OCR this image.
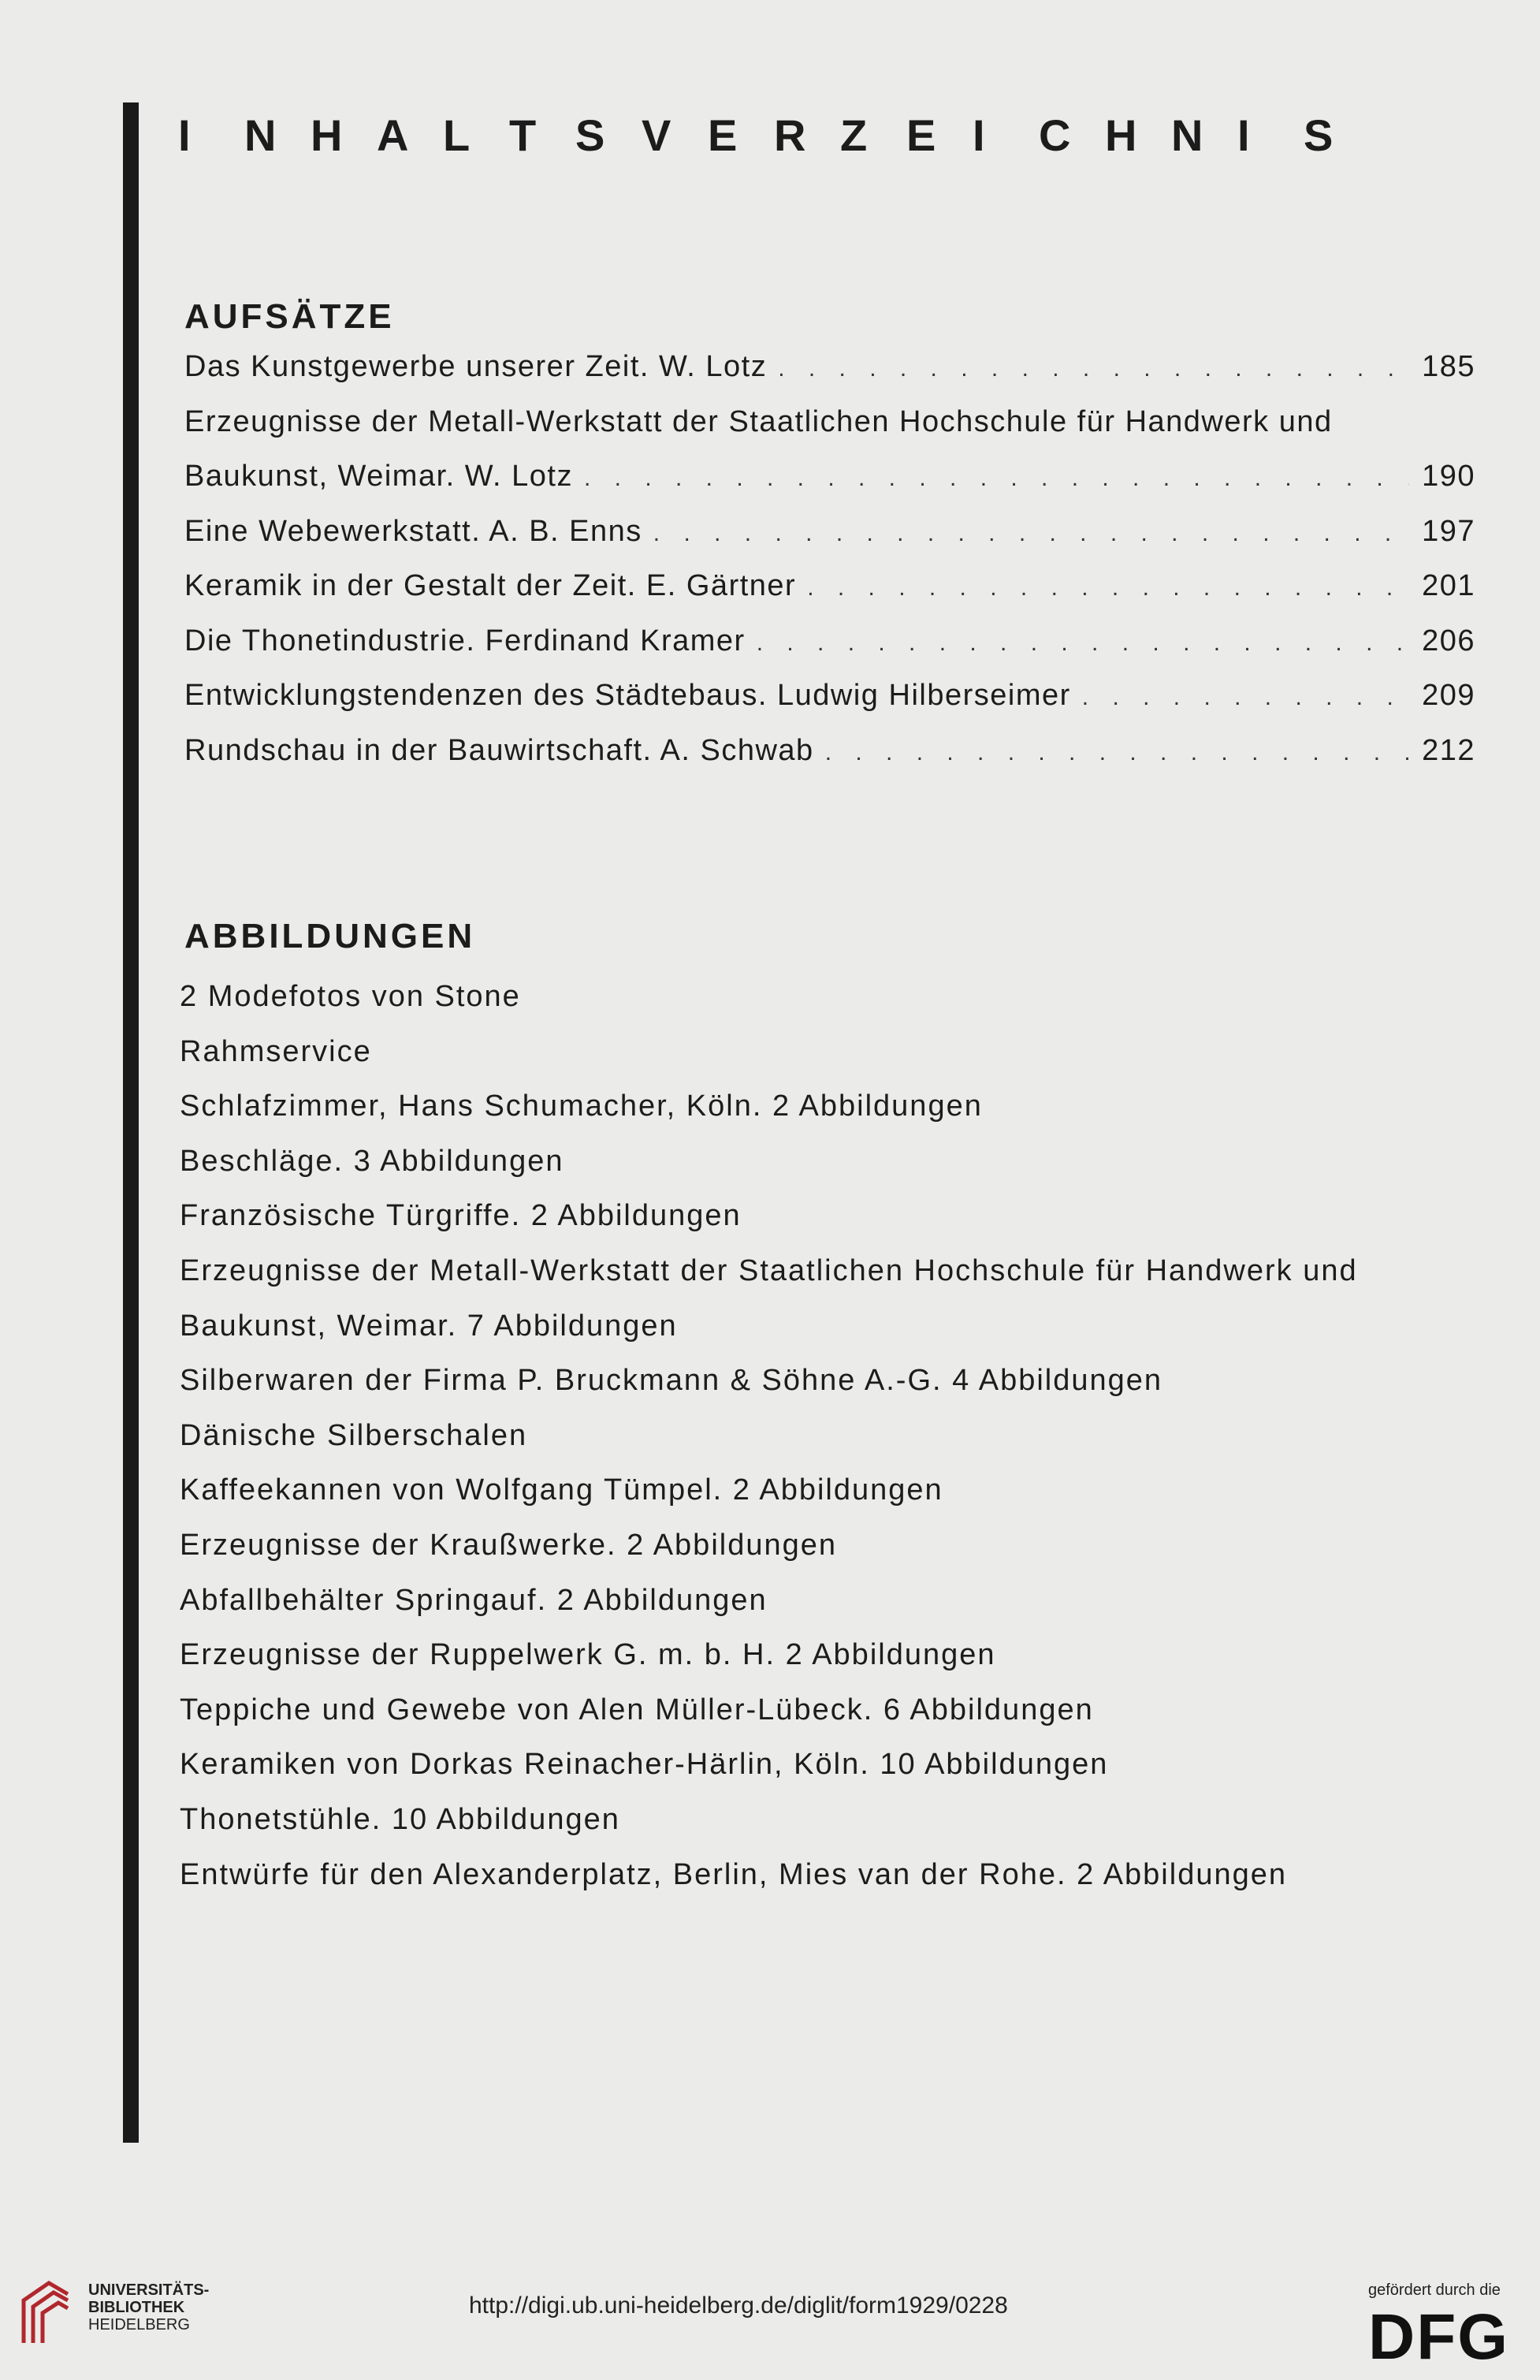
I N H A L T S V E R Z E I C H N I S
AUFSÄTZE
Das Kunstgewerbe unserer Zeit. W. Lotz . . .	185
Erzeugnisse der Metall-Werkstatt der Staatlichen Hochschule für Handwerk und
Baukunst, Weimar. W. Lotz . . .	190
Eine Webewerkstatt. A. B. Enns . . .	197
Keramik in der Gestalt der Zeit. E. Gärtner . . .	201
Die Thonetindustrie. Ferdinand Kramer . . .	206
Entwicklungstendenzen des Städtebaus. Ludwig Hilberseimer . . .	209
Rundschau in der Bauwirtschaft. A. Schwab . . .	212
ABBILDUNGEN
2 Modefotos von Stone
Rahmservice
Schlafzimmer, Hans Schumacher, Köln. 2 Abbildungen
Beschläge. 3 Abbildungen
Französische Türgriffe. 2 Abbildungen
Erzeugnisse der Metall-Werkstatt der Staatlichen Hochschule für Handwerk und
Baukunst, Weimar. 7 Abbildungen
Silberwaren der Firma P. Bruckmann & Söhne A.-G. 4 Abbildungen
Dänische Silberschalen
Kaffeekannen von Wolfgang Tümpel. 2 Abbildungen
Erzeugnisse der Kraußwerke. 2 Abbildungen
Abfallbehälter Springauf. 2 Abbildungen
Erzeugnisse der Ruppelwerk G. m. b. H. 2 Abbildungen
Teppiche und Gewebe von Alen Müller-Lübeck. 6 Abbildungen
Keramiken von Dorkas Reinacher-Härlin, Köln. 10 Abbildungen
Thonetstühle. 10 Abbildungen
Entwürfe für den Alexanderplatz, Berlin, Mies van der Rohe. 2 Abbildungen
UNIVERSITÄTS-
BIBLIOTHEK
HEIDELBERG
http://digi.ub.uni-heidelberg.de/diglit/form1929/0228
gefördert durch die
DFG
